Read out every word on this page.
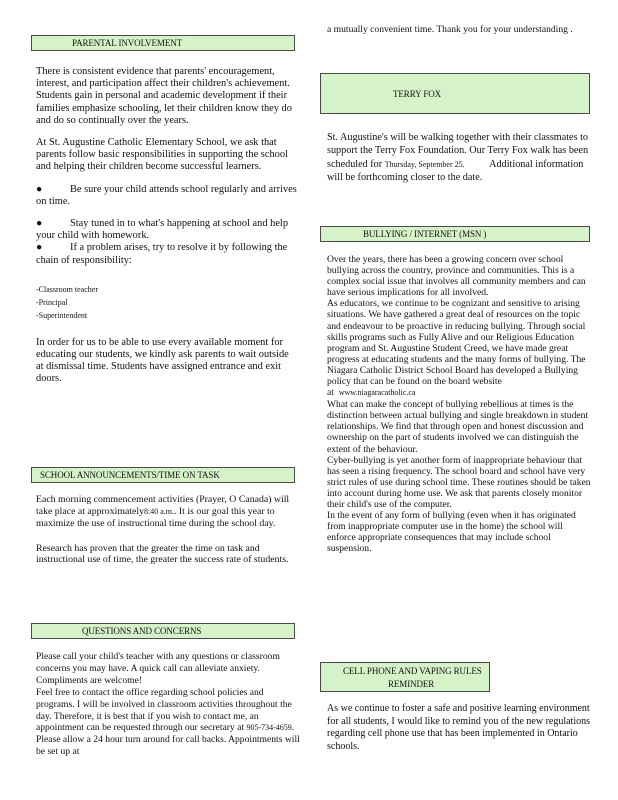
PARENTAL INVOLVEMENT

There is consistent evidence that parents' encouragement, interest, and participation affect their children's achievement. Students gain in personal and academic development if their families emphasize schooling, let their children know they do and do so continually over the years.

At St. Augustine Catholic Elementary School, we ask that parents follow basic responsibilities in supporting the school and helping their children become successful learners.

●	Be sure your child attends school regularly and arrives on time.

●	Stay tuned in to what's happening at school and help your child with homework.

●	If a problem arises, try to resolve it by following the chain of responsibility:

-Classroom teacher
-Principal
-Superintendent

In order for us to be able to use every available moment for educating our students, we kindly ask parents to wait outside at dismissal time. Students have assigned entrance and exit doors.

SCHOOL ANNOUNCEMENTS/TIME ON TASK

Each morning commencement activities (Prayer, O Canada) will take place at approximately8:40 a.m.. It is our goal this year to maximize the use of instructional time during the school day.

Research has proven that the greater the time on task and instructional use of time, the greater the success rate of students.

QUESTIONS AND CONCERNS

Please call your child's teacher with any questions or classroom concerns you may have. A quick call can alleviate anxiety. Compliments are welcome!

Feel free to contact the office regarding school policies and programs. I will be involved in classroom activities throughout the day. Therefore, it is best that if you wish to contact me, an appointment can be requested through our secretary at 905-734-4659. Please allow a 24 hour turn around for call backs. Appointments will be set up at

a mutually convenient time. Thank you for your understanding .

TERRY FOX

St. Augustine's will be walking together with their classmates to support the Terry Fox Foundation. Our Terry Fox walk has been scheduled for Thursday, September 25. Additional information will be forthcoming closer to the date.

BULLYING / INTERNET (MSN )

Over the years, there has been a growing concern over school bullying across the country, province and communities. This is a complex social issue that involves all community members and can have serious implications for all involved.

As educators, we continue to be cognizant and sensitive to arising situations. We have gathered a great deal of resources on the topic and endeavour to be proactive in reducing bullying. Through social skills programs such as Fully Alive and our Religious Education program and St. Augustine Student Creed, we have made great progress at educating students and the many forms of bullying. The Niagara Catholic District School Board has developed a Bullying policy that can be found on the board website at www.niagaracatholic.ca

What can make the concept of bullying rebellious at times is the distinction between actual bullying and single breakdown in student relationships. We find that through open and honest discussion and ownership on the part of students involved we can distinguish the extent of the behaviour.

Cyber-bullying is yet another form of inappropriate behaviour that has seen a rising frequency. The school board and school have very strict rules of use during school time. These routines should be taken into account during home use. We ask that parents closely monitor their child's use of the computer.

In the event of any form of bullying (even when it has originated from inappropriate computer use in the home) the school will enforce appropriate consequences that may include school suspension.

CELL PHONE AND VAPING RULES
REMINDER

As we continue to foster a safe and positive learning environment for all students, I would like to remind you of the new regulations regarding cell phone use that has been implemented in Ontario schools.
